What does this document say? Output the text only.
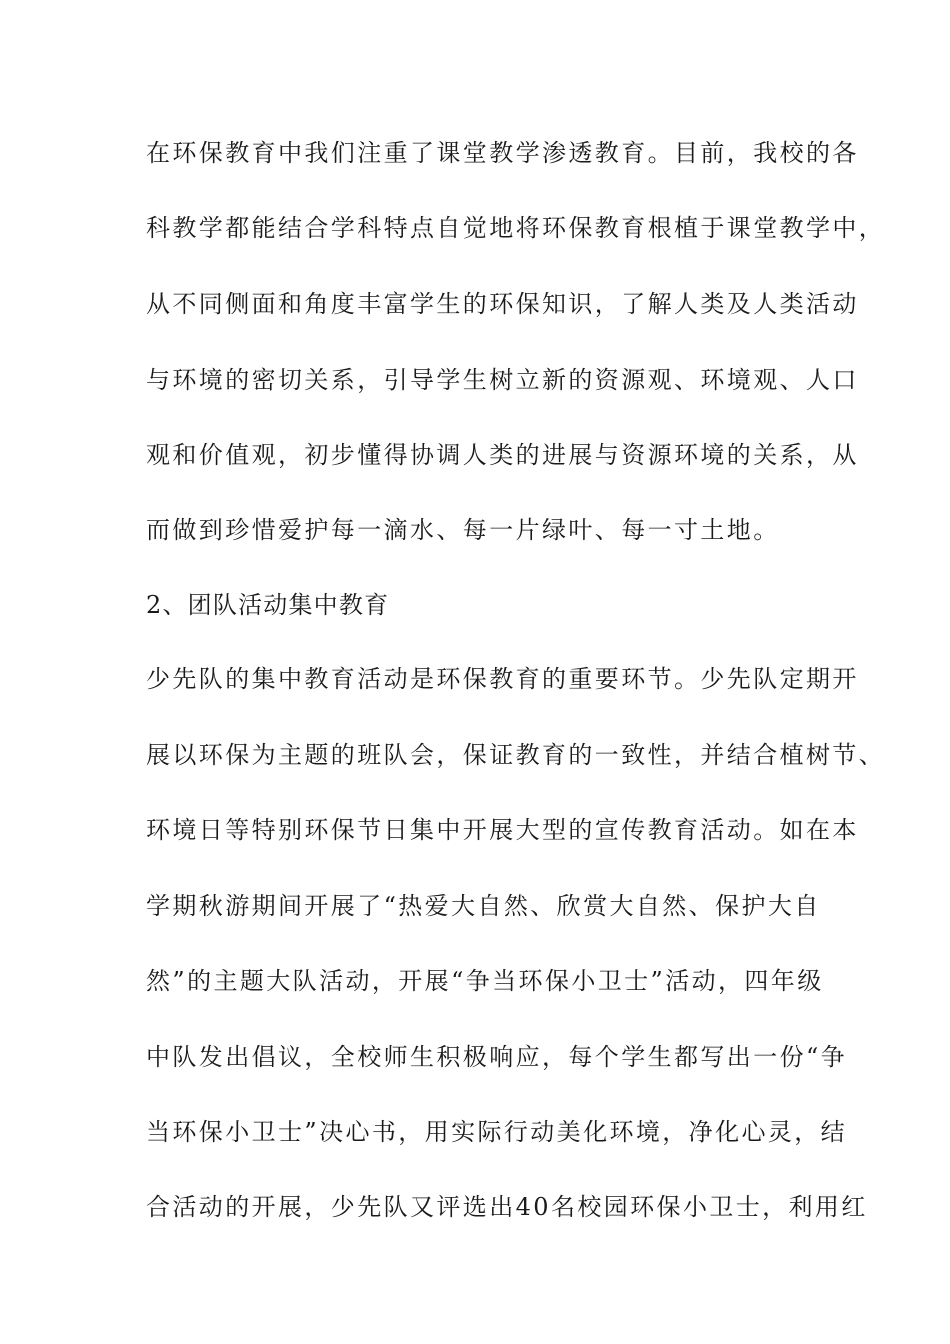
在环保教育中我们注重了课堂教学渗透教育。目前，我校的各
科教学都能结合学科特点自觉地将环保教育根植于课堂教学中，
从不同侧面和角度丰富学生的环保知识，了解人类及人类活动
与环境的密切关系，引导学生树立新的资源观、环境观、人口
观和价值观，初步懂得协调人类的进展与资源环境的关系，从
而做到珍惜爱护每一滴水、每一片绿叶、每一寸土地。
2、团队活动集中教育
少先队的集中教育活动是环保教育的重要环节。少先队定期开
展以环保为主题的班队会，保证教育的一致性，并结合植树节、
环境日等特别环保节日集中开展大型的宣传教育活动。如在本
学期秋游期间开展了“热爱大自然、欣赏大自然、保护大自
然”的主题大队活动，开展“争当环保小卫士”活动，四年级
中队发出倡议，全校师生积极响应，每个学生都写出一份“争
当环保小卫士”决心书，用实际行动美化环境，净化心灵，结
合活动的开展，少先队又评选出40名校园环保小卫士，利用红
